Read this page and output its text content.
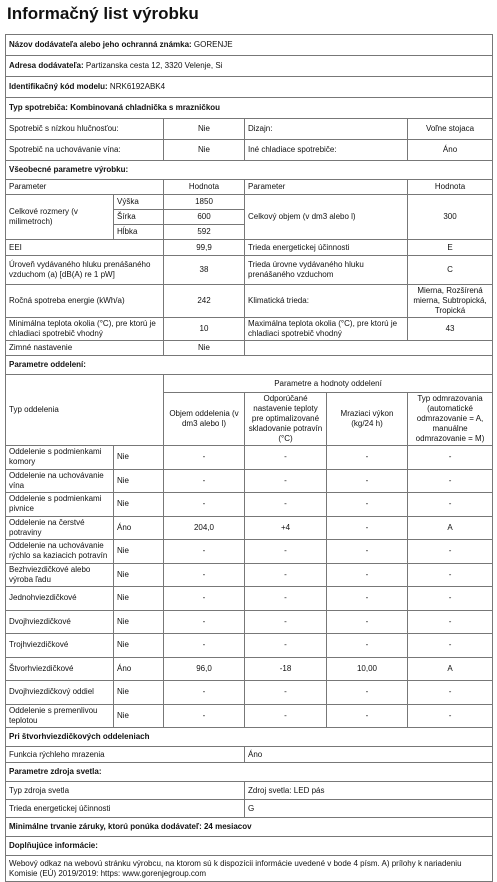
Informačný list výrobku
Názov dodávateľa alebo jeho ochranná známka: GORENJE					
Adresa dodávateľa: Partizanska cesta 12, 3320 Velenje, Si					
Identifikačný kód modelu: NRK6192ABK4					
Typ spotrebiča: Kombinovaná chladnička s mrazničkou					
Spotrebič s nízkou hlučnosťou:		Nie	Dizajn:		Voľne stojaca
Spotrebič na uchovávanie vína:		Nie	Iné chladiace spotrebiče:		Áno
Všeobecné parametre výrobku:					
Parameter		Hodnota	Parameter		Hodnota
Celkové rozmery (v milimetroch)	Výška	1850	Celkový objem (v dm3 alebo l)		300
	Šírka	600			
	Hĺbka	592			
EEI		99,9	Trieda energetickej účinnosti		E
Úroveň vydávaného hluku prenášaného vzduchom (a) [dB(A) re 1 pW]		38	Trieda úrovne vydávaného hluku prenášaného vzduchom		C
Ročná spotreba energie (kWh/a)		242	Klimatická trieda:		Mierna, Rozšírená mierna, Subtropická, Tropická
Minimálna teplota okolia (°C), pre ktorú je chladiaci spotrebič vhodný		10	Maximálna teplota okolia (°C), pre ktorú je chladiaci spotrebič vhodný		43
Zimné nastavenie		Nie			
Parametre oddelení:					
Typ oddelenia		Parametre a hodnoty oddelení			
		Objem oddelenia (v dm3 alebo l)	Odporúčané nastavenie teploty pre optimalizované skladovanie potravín (°C)	Mraziaci výkon (kg/24 h)	Typ odmrazovania (automatické odmrazovanie = A, manuálne odmrazovanie = M)
Oddelenie s podmienkami komory	Nie	-	-	-	-
Oddelenie na uchovávanie vína	Nie	-	-	-	-
Oddelenie s podmienkami pivnice	Nie	-	-	-	-
Oddelenie na čerstvé potraviny	Áno	204,0	+4	-	A
Oddelenie na uchovávanie rýchlo sa kaziacich potravín	Nie	-	-	-	-
Bezhviezdičkové alebo výroba ľadu	Nie	-	-	-	-
Jednohviezdičkové	Nie	-	-	-	-
Dvojhviezdičkové	Nie	-	-	-	-
Trojhviezdičkové	Nie	-	-	-	-
Štvorhviezdičkové	Áno	96,0	-18	10,00	A
Dvojhviezdičkový oddiel	Nie	-	-	-	-
Oddelenie s premenlivou teplotou	Nie	-	-	-	-
Pri štvorhviezdičkových oddeleniach					
Funkcia rýchleho mrazenia			Áno		
Parametre zdroja svetla:					
Typ zdroja svetla			Zdroj svetla: LED pás		
Trieda energetickej účinnosti			G		
Minimálne trvanie záruky, ktorú ponúka dodávateľ: 24 mesiacov					
Doplňujúce informácie:					
Webový odkaz na webovú stránku výrobcu, na ktorom sú k dispozícii informácie uvedené v bode 4 písm. A) prílohy k nariadeniu Komisie (EÚ) 2019/2019: https: www.gorenjegroup.com					
